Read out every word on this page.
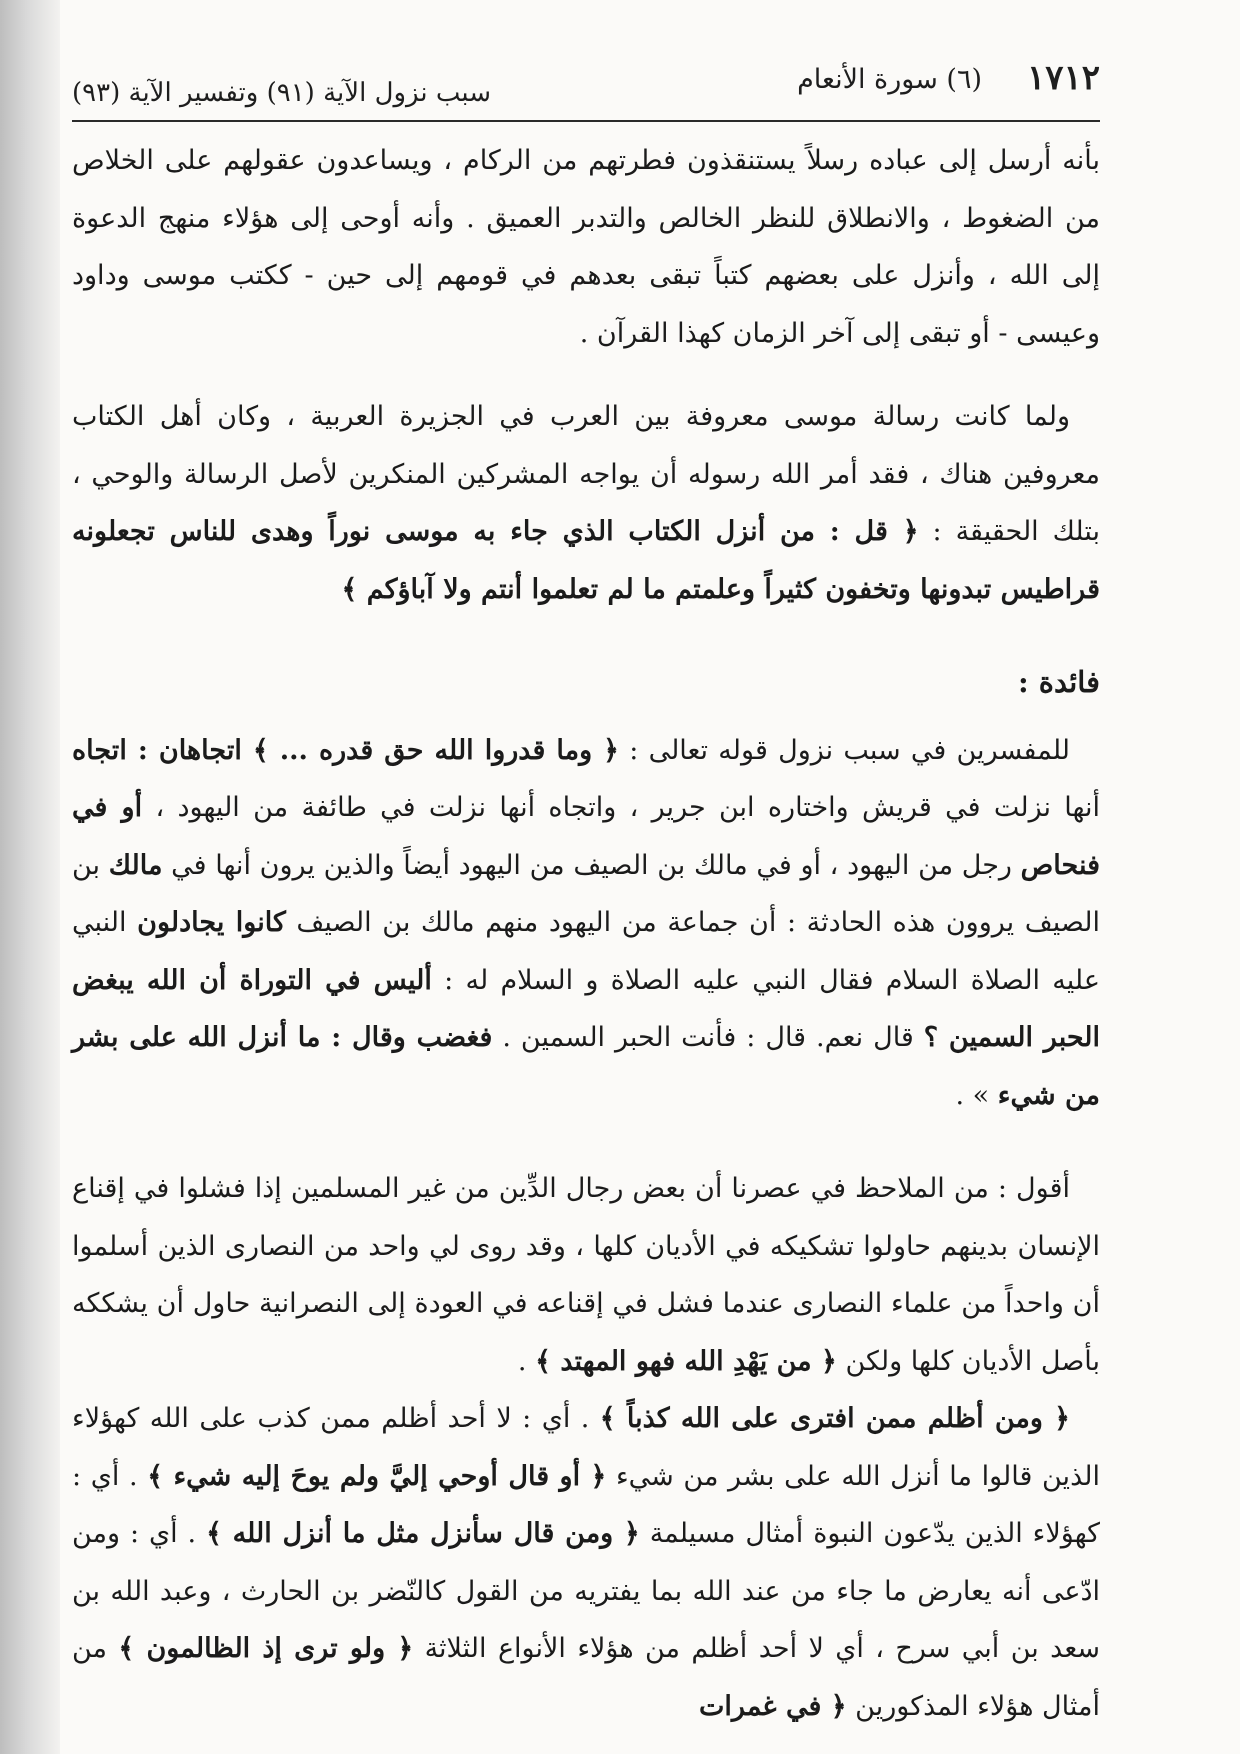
١٧١٢
(٦) سورة الأنعام
سبب نزول الآية (٩١) وتفسير الآية (٩٣)

بأنه أرسل إلى عباده رسلاً يستنقذون فطرتهم من الركام ، ويساعدون عقولهم على الخلاص من الضغوط ، والانطلاق للنظر الخالص والتدبر العميق . وأنه أوحى إلى هؤلاء منهج الدعوة إلى الله ، وأنزل على بعضهم كتباً تبقى بعدهم في قومهم إلى حين - ككتب موسى وداود وعيسى - أو تبقى إلى آخر الزمان كهذا القرآن .

ولما كانت رسالة موسى معروفة بين العرب في الجزيرة العربية ، وكان أهل الكتاب معروفين هناك ، فقد أمر الله رسوله أن يواجه المشركين المنكرين لأصل الرسالة والوحي ، بتلك الحقيقة : ﴿ قل : من أنزل الكتاب الذي جاء به موسى نوراً وهدى للناس تجعلونه قراطيس تبدونها وتخفون كثيراً وعلمتم ما لم تعلموا أنتم ولا آباؤكم ﴾

فائدة :

للمفسرين في سبب نزول قوله تعالى : ﴿ وما قدروا الله حق قدره ... ﴾ اتجاهان : اتجاه أنها نزلت في قريش واختاره ابن جرير ، واتجاه أنها نزلت في طائفة من اليهود ، أو في فنحاص رجل من اليهود ، أو في مالك بن الصيف من اليهود أيضاً والذين يرون أنها في مالك بن الصيف يروون هذه الحادثة : أن جماعة من اليهود منهم مالك بن الصيف كانوا يجادلون النبي عليه الصلاة السلام فقال النبي عليه الصلاة و السلام له : أليس في التوراة أن الله يبغض الحبر السمين ؟ قال نعم. قال : فأنت الحبر السمين . فغضب وقال : ما أنزل الله على بشر من شيء » .

أقول : من الملاحظ في عصرنا أن بعض رجال الدِّين من غير المسلمين إذا فشلوا في إقناع الإنسان بدينهم حاولوا تشكيكه في الأديان كلها ، وقد روى لي واحد من النصارى الذين أسلموا أن واحداً من علماء النصارى عندما فشل في إقناعه في العودة إلى النصرانية حاول أن يشككه بأصل الأديان كلها ولكن ﴿ من يَهْدِ الله فهو المهتد ﴾ .

﴿ ومن أظلم ممن افترى على الله كذباً ﴾ . أي : لا أحد أظلم ممن كذب على الله كهؤلاء الذين قالوا ما أنزل الله على بشر من شيء ﴿ أو قال أوحي إليَّ ولم يوحَ إليه شيء ﴾ . أي : كهؤلاء الذين يدّعون النبوة أمثال مسيلمة ﴿ ومن قال سأنزل مثل ما أنزل الله ﴾ . أي : ومن ادّعى أنه يعارض ما جاء من عند الله بما يفتريه من القول كالنّضر بن الحارث ، وعبد الله بن سعد بن أبي سرح ، أي لا أحد أظلم من هؤلاء الأنواع الثلاثة ﴿ ولو ترى إذ الظالمون ﴾ من أمثال هؤلاء المذكورين ﴿ في غمرات
